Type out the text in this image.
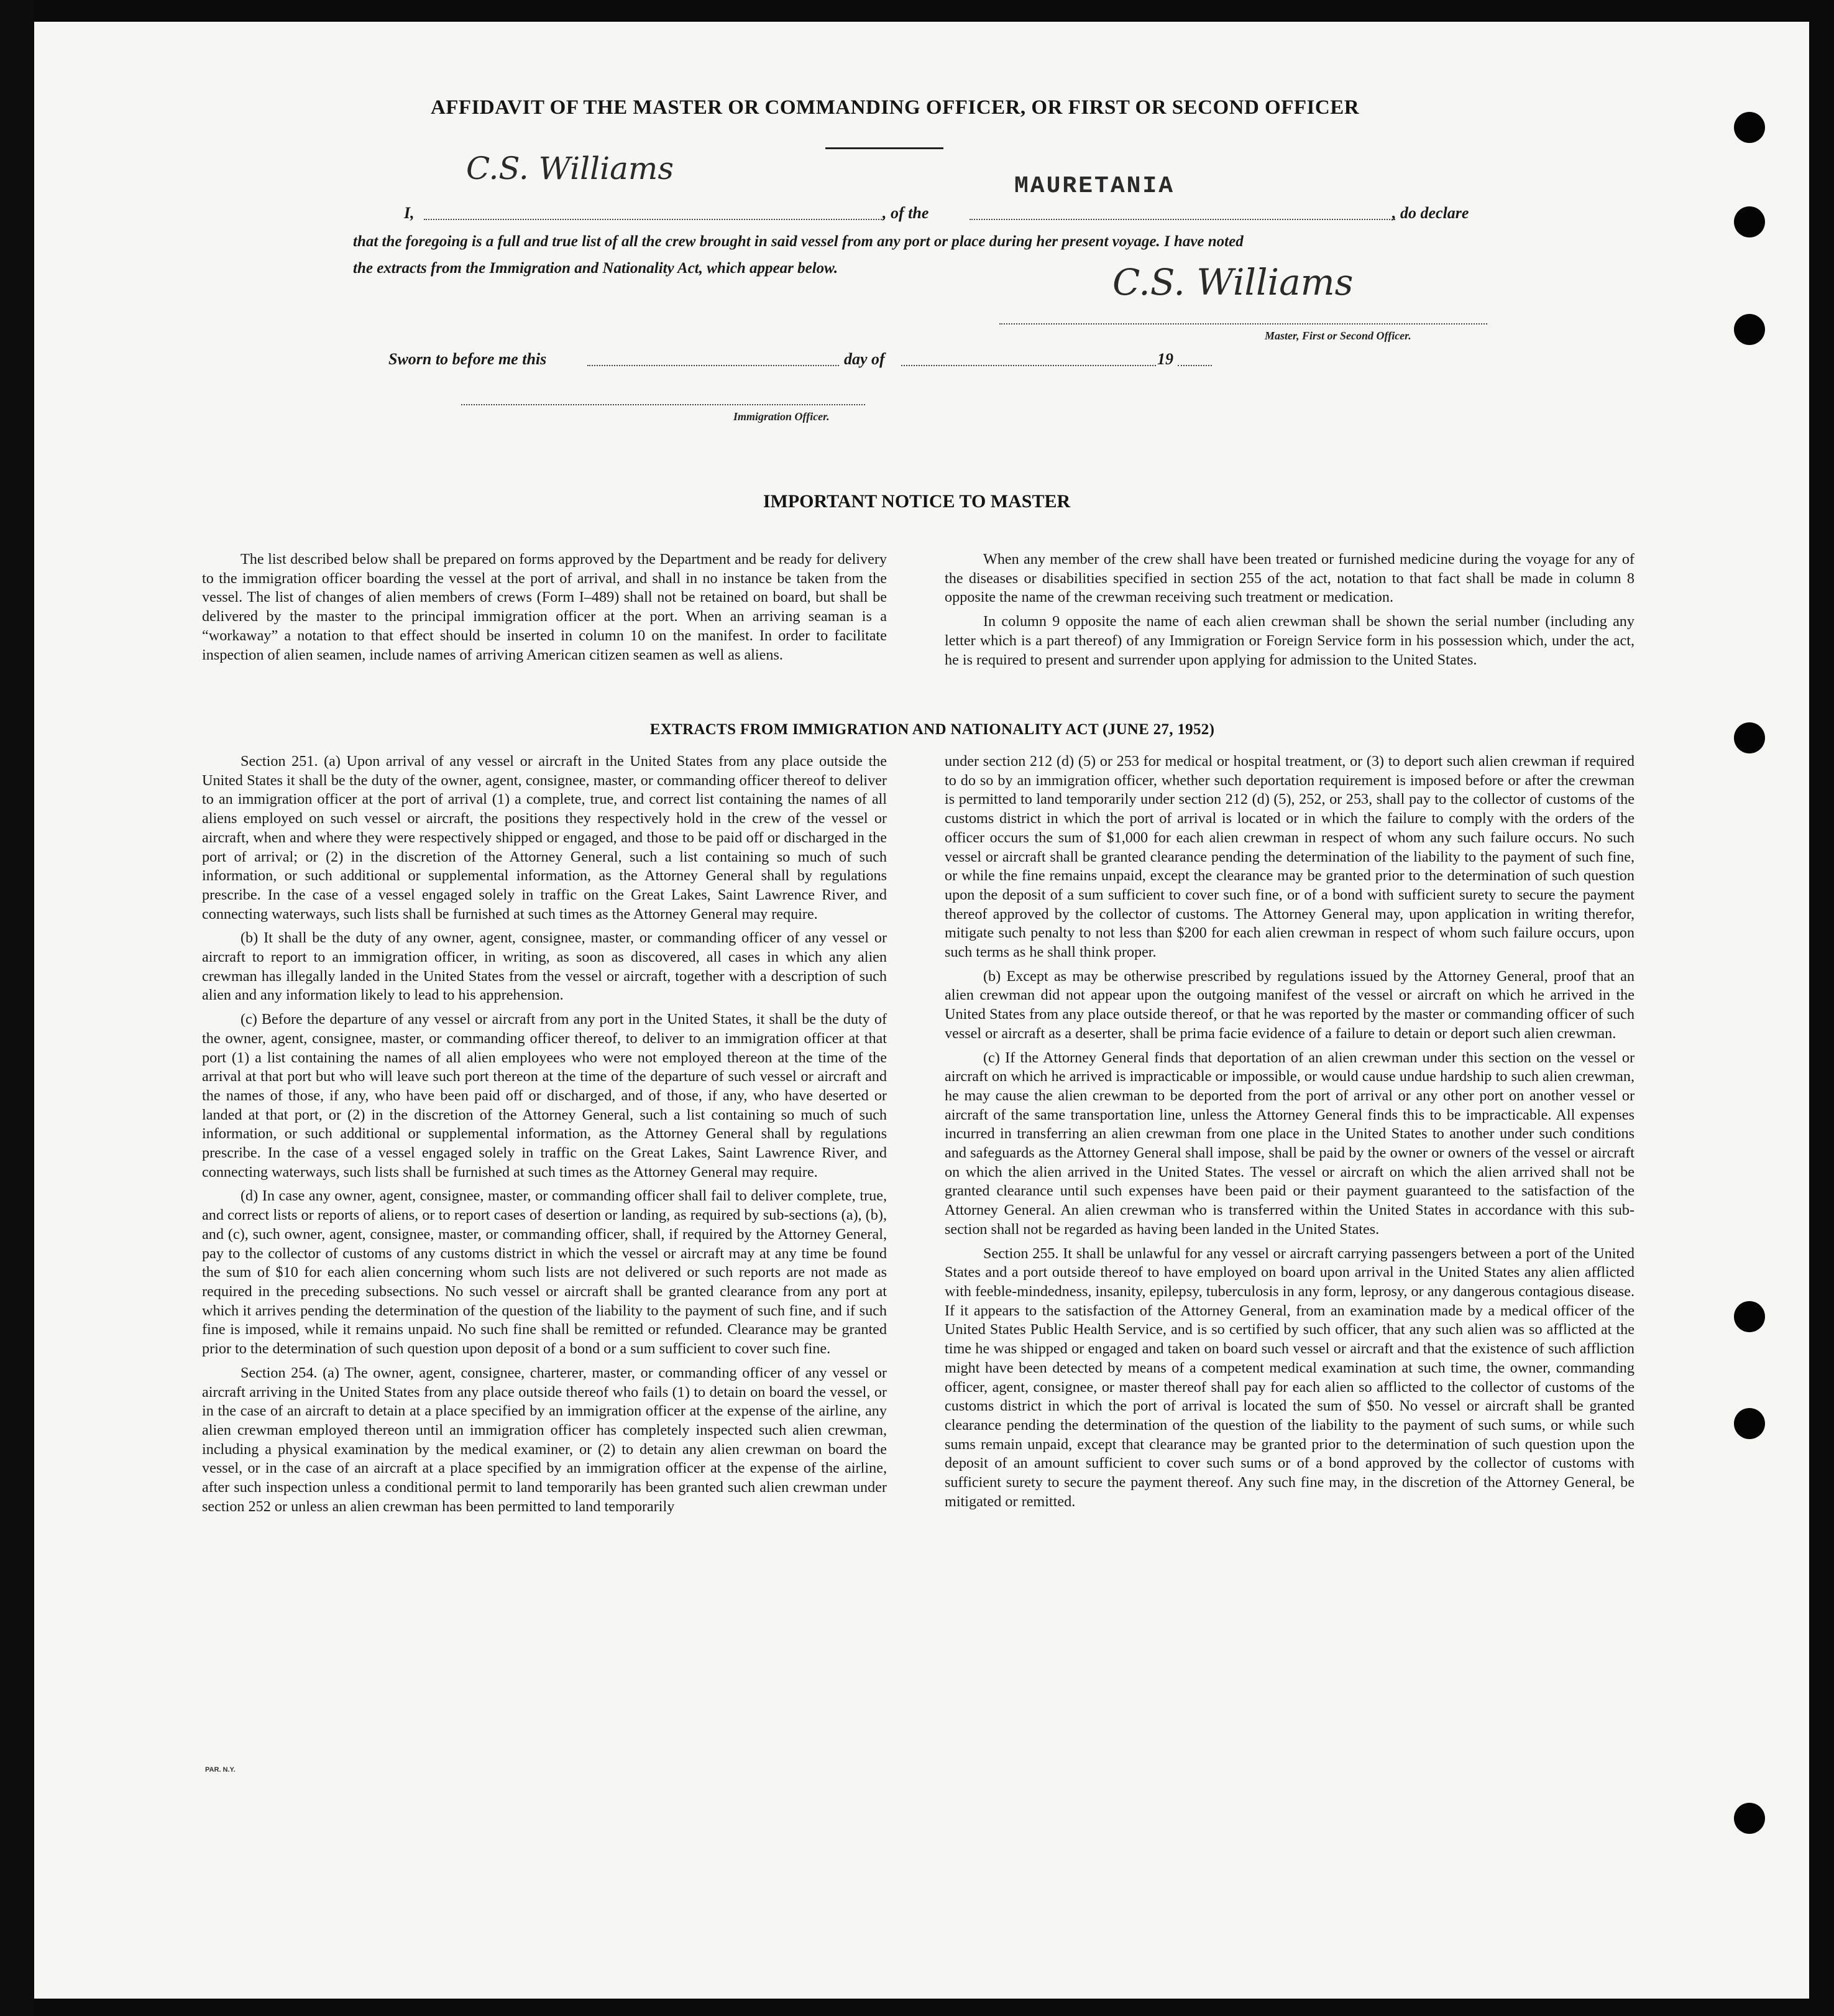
AFFIDAVIT OF THE MASTER OR COMMANDING OFFICER, OR FIRST OR SECOND OFFICER
C.S. Williams	MAURETANIA
I,	, of the	, do declare
that the foregoing is a full and true list of all the crew brought in said vessel from any port or place during her present voyage. I have noted
the extracts from the Immigration and Nationality Act, which appear below.	C.S. Williams
Master, First or Second Officer.
Sworn to before me this	day of	19
Immigration Officer.
IMPORTANT NOTICE TO MASTER

The list described below shall be prepared on forms approved by the Department and be ready for delivery to the immigration officer boarding the vessel at the port of arrival, and shall in no instance be taken from the vessel. The list of changes of alien members of crews (Form I–489) shall not be retained on board, but shall be delivered by the master to the principal immigration officer at the port. When an arriving seaman is a “workaway” a notation to that effect should be inserted in column 10 on the manifest. In order to facilitate inspection of alien seamen, include names of arriving American citizen seamen as well as aliens.

When any member of the crew shall have been treated or furnished medicine during the voyage for any of the diseases or disabilities specified in section 255 of the act, notation to that fact shall be made in column 8 opposite the name of the crewman receiving such treatment or medication.

In column 9 opposite the name of each alien crewman shall be shown the serial number (including any letter which is a part thereof) of any Immigration or Foreign Service form in his possession which, under the act, he is required to present and surrender upon applying for admission to the United States.

EXTRACTS FROM IMMIGRATION AND NATIONALITY ACT (JUNE 27, 1952)

Section 251. (a) Upon arrival of any vessel or aircraft in the United States from any place outside the United States it shall be the duty of the owner, agent, consignee, master, or commanding officer thereof to deliver to an immigration officer at the port of arrival (1) a complete, true, and correct list containing the names of all aliens employed on such vessel or aircraft, the positions they respectively hold in the crew of the vessel or aircraft, when and where they were respectively shipped or engaged, and those to be paid off or discharged in the port of arrival; or (2) in the discretion of the Attorney General, such a list containing so much of such information, or such additional or supplemental information, as the Attorney General shall by regulations prescribe. In the case of a vessel engaged solely in traffic on the Great Lakes, Saint Lawrence River, and connecting waterways, such lists shall be furnished at such times as the Attorney General may require.

(b) It shall be the duty of any owner, agent, consignee, master, or commanding officer of any vessel or aircraft to report to an immigration officer, in writing, as soon as discovered, all cases in which any alien crewman has illegally landed in the United States from the vessel or aircraft, together with a description of such alien and any information likely to lead to his apprehension.

(c) Before the departure of any vessel or aircraft from any port in the United States, it shall be the duty of the owner, agent, consignee, master, or commanding officer thereof, to deliver to an immigration officer at that port (1) a list containing the names of all alien employees who were not employed thereon at the time of the arrival at that port but who will leave such port thereon at the time of the departure of such vessel or aircraft and the names of those, if any, who have been paid off or discharged, and of those, if any, who have deserted or landed at that port, or (2) in the discretion of the Attorney General, such a list containing so much of such information, or such additional or supplemental information, as the Attorney General shall by regulations prescribe. In the case of a vessel engaged solely in traffic on the Great Lakes, Saint Lawrence River, and connecting waterways, such lists shall be furnished at such times as the Attorney General may require.

(d) In case any owner, agent, consignee, master, or commanding officer shall fail to deliver complete, true, and correct lists or reports of aliens, or to report cases of desertion or landing, as required by sub-sections (a), (b), and (c), such owner, agent, consignee, master, or commanding officer, shall, if required by the Attorney General, pay to the collector of customs of any customs district in which the vessel or aircraft may at any time be found the sum of $10 for each alien concerning whom such lists are not delivered or such reports are not made as required in the preceding subsections. No such vessel or aircraft shall be granted clearance from any port at which it arrives pending the determination of the question of the liability to the payment of such fine, and if such fine is imposed, while it remains unpaid. No such fine shall be remitted or refunded. Clearance may be granted prior to the determination of such question upon deposit of a bond or a sum sufficient to cover such fine.

Section 254. (a) The owner, agent, consignee, charterer, master, or commanding officer of any vessel or aircraft arriving in the United States from any place outside thereof who fails (1) to detain on board the vessel, or in the case of an aircraft to detain at a place specified by an immigration officer at the expense of the airline, any alien crewman employed thereon until an immigration officer has completely inspected such alien crewman, including a physical examination by the medical examiner, or (2) to detain any alien crewman on board the vessel, or in the case of an aircraft at a place specified by an immigration officer at the expense of the airline, after such inspection unless a conditional permit to land temporarily has been granted such alien crewman under section 252 or unless an alien crewman has been permitted to land temporarily

under section 212 (d) (5) or 253 for medical or hospital treatment, or (3) to deport such alien crewman if required to do so by an immigration officer, whether such deportation requirement is imposed before or after the crewman is permitted to land temporarily under section 212 (d) (5), 252, or 253, shall pay to the collector of customs of the customs district in which the port of arrival is located or in which the failure to comply with the orders of the officer occurs the sum of $1,000 for each alien crewman in respect of whom any such failure occurs. No such vessel or aircraft shall be granted clearance pending the determination of the liability to the payment of such fine, or while the fine remains unpaid, except the clearance may be granted prior to the determination of such question upon the deposit of a sum sufficient to cover such fine, or of a bond with sufficient surety to secure the payment thereof approved by the collector of customs. The Attorney General may, upon application in writing therefor, mitigate such penalty to not less than $200 for each alien crewman in respect of whom such failure occurs, upon such terms as he shall think proper.

(b) Except as may be otherwise prescribed by regulations issued by the Attorney General, proof that an alien crewman did not appear upon the outgoing manifest of the vessel or aircraft on which he arrived in the United States from any place outside thereof, or that he was reported by the master or commanding officer of such vessel or aircraft as a deserter, shall be prima facie evidence of a failure to detain or deport such alien crewman.

(c) If the Attorney General finds that deportation of an alien crewman under this section on the vessel or aircraft on which he arrived is impracticable or impossible, or would cause undue hardship to such alien crewman, he may cause the alien crewman to be deported from the port of arrival or any other port on another vessel or aircraft of the same transportation line, unless the Attorney General finds this to be impracticable. All expenses incurred in transferring an alien crewman from one place in the United States to another under such conditions and safeguards as the Attorney General shall impose, shall be paid by the owner or owners of the vessel or aircraft on which the alien arrived in the United States. The vessel or aircraft on which the alien arrived shall not be granted clearance until such expenses have been paid or their payment guaranteed to the satisfaction of the Attorney General. An alien crewman who is transferred within the United States in accordance with this sub-section shall not be regarded as having been landed in the United States.

Section 255. It shall be unlawful for any vessel or aircraft carrying passengers between a port of the United States and a port outside thereof to have employed on board upon arrival in the United States any alien afflicted with feeble-mindedness, insanity, epilepsy, tuberculosis in any form, leprosy, or any dangerous contagious disease. If it appears to the satisfaction of the Attorney General, from an examination made by a medical officer of the United States Public Health Service, and is so certified by such officer, that any such alien was so afflicted at the time he was shipped or engaged and taken on board such vessel or aircraft and that the existence of such affliction might have been detected by means of a competent medical examination at such time, the owner, commanding officer, agent, consignee, or master thereof shall pay for each alien so afflicted to the collector of customs of the customs district in which the port of arrival is located the sum of $50. No vessel or aircraft shall be granted clearance pending the determination of the question of the liability to the payment of such sums, or while such sums remain unpaid, except that clearance may be granted prior to the determination of such question upon the deposit of an amount sufficient to cover such sums or of a bond approved by the collector of customs with sufficient surety to secure the payment thereof. Any such fine may, in the discretion of the Attorney General, be mitigated or remitted.

PAR. N.Y.
